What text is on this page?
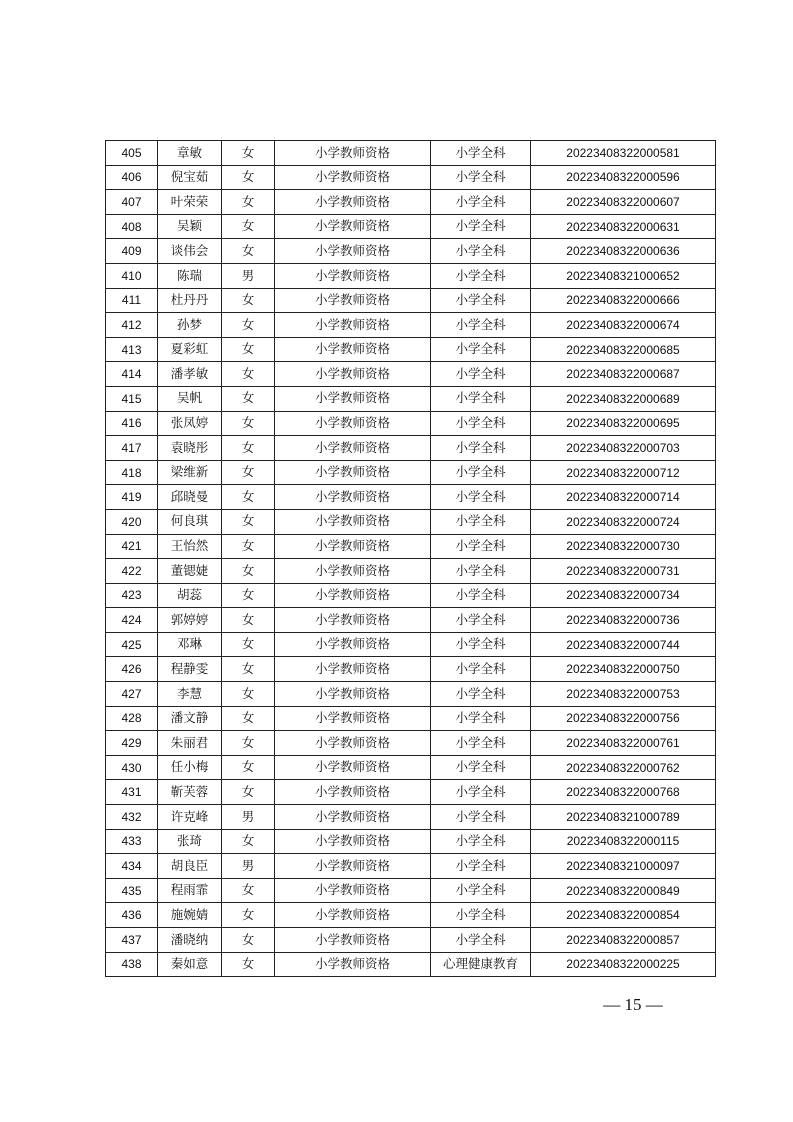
405	章敏	女	小学教师资格	小学全科	20223408322000581
406	倪宝茹	女	小学教师资格	小学全科	20223408322000596
407	叶荣荣	女	小学教师资格	小学全科	20223408322000607
408	吴颖	女	小学教师资格	小学全科	20223408322000631
409	谈伟会	女	小学教师资格	小学全科	20223408322000636
410	陈瑞	男	小学教师资格	小学全科	20223408321000652
411	杜丹丹	女	小学教师资格	小学全科	20223408322000666
412	孙梦	女	小学教师资格	小学全科	20223408322000674
413	夏彩虹	女	小学教师资格	小学全科	20223408322000685
414	潘孝敏	女	小学教师资格	小学全科	20223408322000687
415	吴帆	女	小学教师资格	小学全科	20223408322000689
416	张凤婷	女	小学教师资格	小学全科	20223408322000695
417	袁晓彤	女	小学教师资格	小学全科	20223408322000703
418	梁维新	女	小学教师资格	小学全科	20223408322000712
419	邱晓曼	女	小学教师资格	小学全科	20223408322000714
420	何良琪	女	小学教师资格	小学全科	20223408322000724
421	王怡然	女	小学教师资格	小学全科	20223408322000730
422	董锶婕	女	小学教师资格	小学全科	20223408322000731
423	胡蕊	女	小学教师资格	小学全科	20223408322000734
424	郭婷婷	女	小学教师资格	小学全科	20223408322000736
425	邓琳	女	小学教师资格	小学全科	20223408322000744
426	程静雯	女	小学教师资格	小学全科	20223408322000750
427	李慧	女	小学教师资格	小学全科	20223408322000753
428	潘文静	女	小学教师资格	小学全科	20223408322000756
429	朱丽君	女	小学教师资格	小学全科	20223408322000761
430	任小梅	女	小学教师资格	小学全科	20223408322000762
431	靳芙蓉	女	小学教师资格	小学全科	20223408322000768
432	许克峰	男	小学教师资格	小学全科	20223408321000789
433	张琦	女	小学教师资格	小学全科	20223408322000115
434	胡良臣	男	小学教师资格	小学全科	20223408321000097
435	程雨霏	女	小学教师资格	小学全科	20223408322000849
436	施婉婧	女	小学教师资格	小学全科	20223408322000854
437	潘晓纳	女	小学教师资格	小学全科	20223408322000857
438	秦如意	女	小学教师资格	心理健康教育	20223408322000225
— 15 —
